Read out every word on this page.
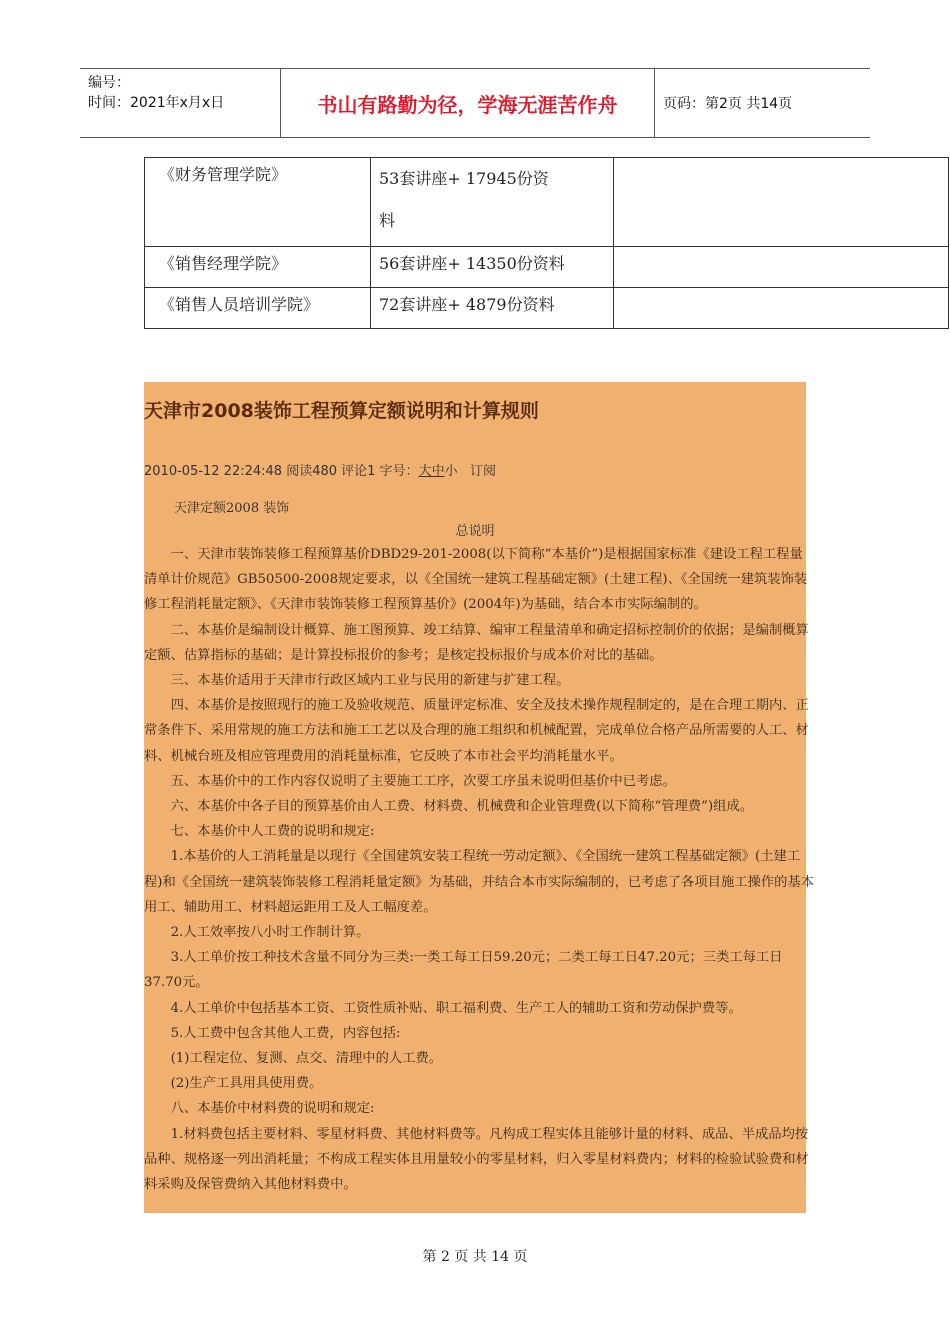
编号：
时间：2021年x月x日	书山有路勤为径，学海无涯苦作舟	页码：第2页 共14页
《财务管理学院》	53套讲座+ 17945份资
料	
《销售经理学院》	56套讲座+ 14350份资料	
《销售人员培训学院》	72套讲座+ 4879份资料	
天津市2008装饰工程预算定额说明和计算规则
2010-05-12 22:24:48 阅读480 评论1 字号：大中小 订阅
天津定额2008 装饰
总说明

　　一、天津市装饰装修工程预算基价DBD29-201-2008(以下简称“本基价”)是根据国家标准《建设工程工程量清单计价规范》GB50500-2008规定要求，以《全国统一建筑工程基础定额》(土建工程)、《全国统一建筑装饰装修工程消耗量定额》、《天津市装饰装修工程预算基价》(2004年)为基础，结合本市实际编制的。

　　二、本基价是编制设计概算、施工图预算、竣工结算、编审工程量清单和确定招标控制价的依据；是编制概算定额、估算指标的基础；是计算投标报价的参考；是核定投标报价与成本价对比的基础。

　　三、本基价适用于天津市行政区域内工业与民用的新建与扩建工程。

　　四、本基价是按照现行的施工及验收规范、质量评定标准、安全及技术操作规程制定的，是在合理工期内、正常条件下、采用常规的施工方法和施工工艺以及合理的施工组织和机械配置，完成单位合格产品所需要的人工、材料、机械台班及相应管理费用的消耗量标准，它反映了本市社会平均消耗量水平。

　　五、本基价中的工作内容仅说明了主要施工工序，次要工序虽未说明但基价中已考虑。

　　六、本基价中各子目的预算基价由人工费、材料费、机械费和企业管理费(以下简称“管理费”)组成。

　　七、本基价中人工费的说明和规定:

　　1.本基价的人工消耗量是以现行《全国建筑安装工程统一劳动定额》、《全国统一建筑工程基础定额》(土建工程)和《全国统一建筑装饰装修工程消耗量定额》为基础，并结合本市实际编制的，已考虑了各项目施工操作的基本用工、辅助用工、材料超运距用工及人工幅度差。

　　2.人工效率按八小时工作制计算。

　　3.人工单价按工种技术含量不同分为三类:一类工每工日59.20元；二类工每工日47.20元；三类工每工日37.70元。

　　4.人工单价中包括基本工资、工资性质补贴、职工福利费、生产工人的辅助工资和劳动保护费等。

　　5.人工费中包含其他人工费，内容包括:

　　(1)工程定位、复测、点交、清理中的人工费。

　　(2)生产工具用具使用费。

　　八、本基价中材料费的说明和规定:

　　1.材料费包括主要材料、零星材料费、其他材料费等。凡构成工程实体且能够计量的材料、成品、半成品均按品种、规格逐一列出消耗量；不构成工程实体且用量较小的零星材料，归入零星材料费内；材料的检验试验费和材料采购及保管费纳入其他材料费中。

第 2 页 共 14 页
